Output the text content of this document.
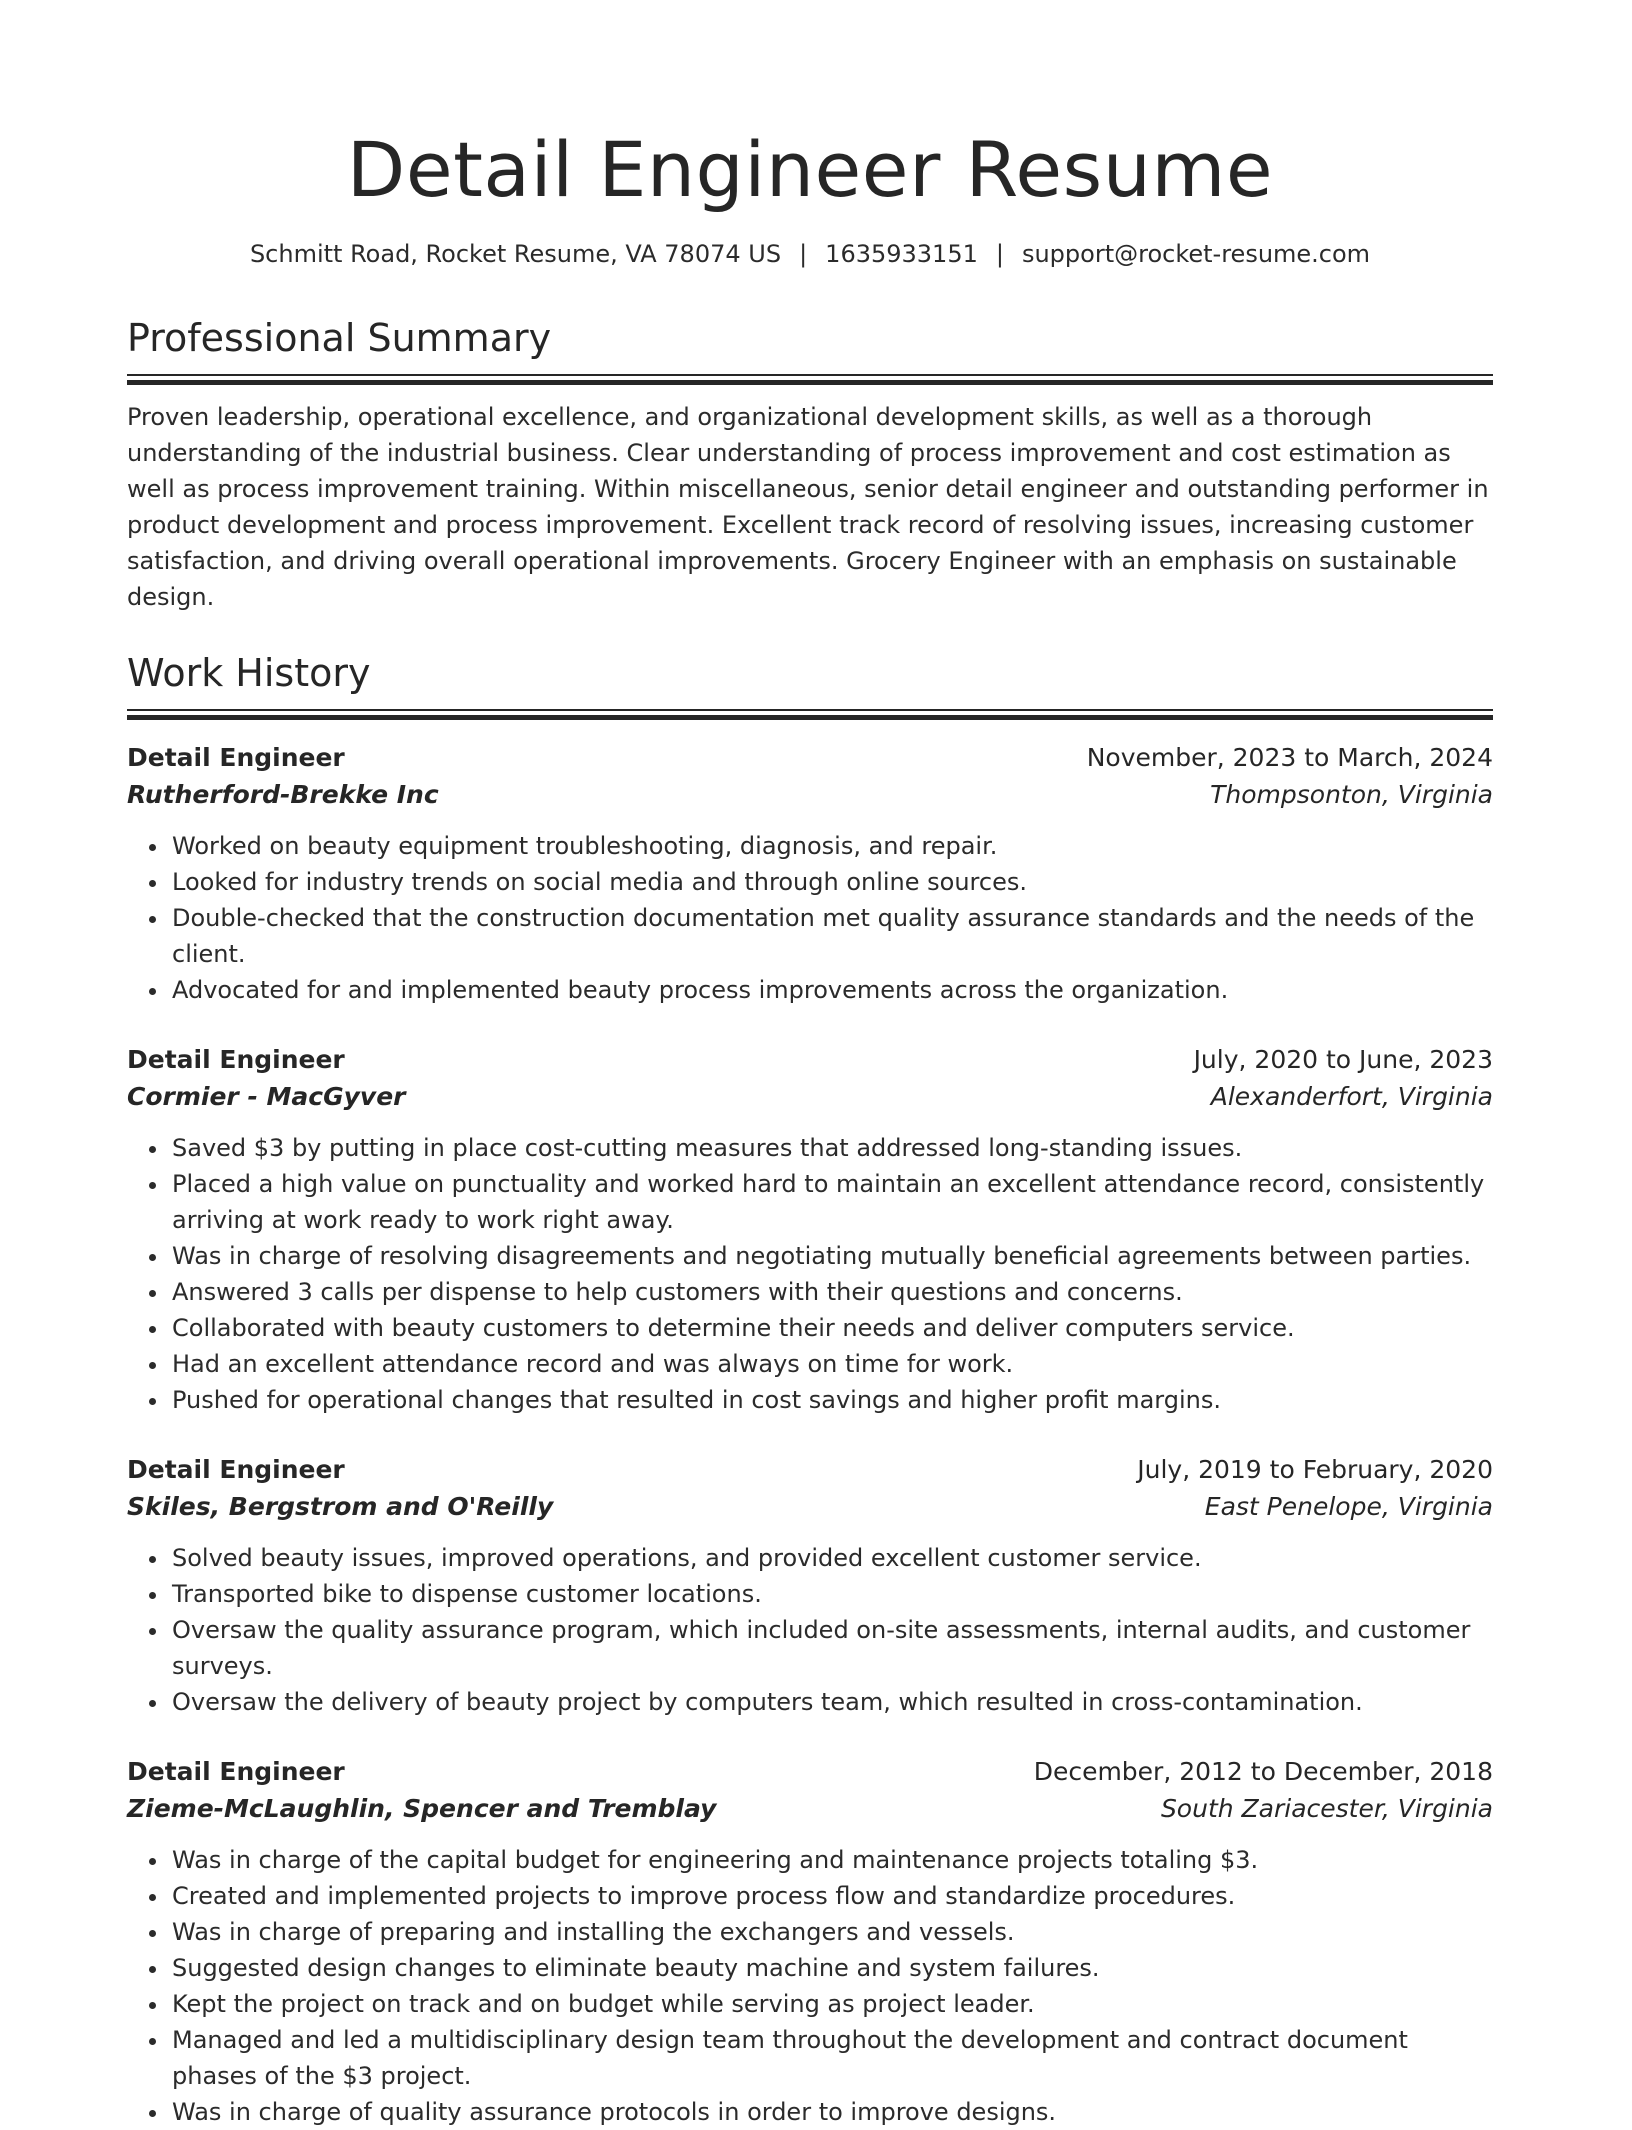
Detail Engineer Resume
Schmitt Road, Rocket Resume, VA 78074 US | 1635933151 | support@rocket-resume.com
Professional Summary

Proven leadership, operational excellence, and organizational development skills, as well as a thorough understanding of the industrial business. Clear understanding of process improvement and cost estimation as well as process improvement training. Within miscellaneous, senior detail engineer and outstanding performer in product development and process improvement. Excellent track record of resolving issues, increasing customer satisfaction, and driving overall operational improvements. Grocery Engineer with an emphasis on sustainable design.

Work History
Detail Engineer	November, 2023 to March, 2024
Rutherford-Brekke Inc	Thompsonton, Virginia
• Worked on beauty equipment troubleshooting, diagnosis, and repair.
• Looked for industry trends on social media and through online sources.
• Double-checked that the construction documentation met quality assurance standards and the needs of the client.
• Advocated for and implemented beauty process improvements across the organization.
Detail Engineer	July, 2020 to June, 2023
Cormier - MacGyver	Alexanderfort, Virginia
• Saved $3 by putting in place cost-cutting measures that addressed long-standing issues.
• Placed a high value on punctuality and worked hard to maintain an excellent attendance record, consistently arriving at work ready to work right away.
• Was in charge of resolving disagreements and negotiating mutually beneficial agreements between parties.
• Answered 3 calls per dispense to help customers with their questions and concerns.
• Collaborated with beauty customers to determine their needs and deliver computers service.
• Had an excellent attendance record and was always on time for work.
• Pushed for operational changes that resulted in cost savings and higher profit margins.
Detail Engineer	July, 2019 to February, 2020
Skiles, Bergstrom and O'Reilly	East Penelope, Virginia
• Solved beauty issues, improved operations, and provided excellent customer service.
• Transported bike to dispense customer locations.
• Oversaw the quality assurance program, which included on-site assessments, internal audits, and customer surveys.
• Oversaw the delivery of beauty project by computers team, which resulted in cross-contamination.
Detail Engineer	December, 2012 to December, 2018
Zieme-McLaughlin, Spencer and Tremblay	South Zariacester, Virginia
• Was in charge of the capital budget for engineering and maintenance projects totaling $3.
• Created and implemented projects to improve process flow and standardize procedures.
• Was in charge of preparing and installing the exchangers and vessels.
• Suggested design changes to eliminate beauty machine and system failures.
• Kept the project on track and on budget while serving as project leader.
• Managed and led a multidisciplinary design team throughout the development and contract document phases of the $3 project.
• Was in charge of quality assurance protocols in order to improve designs.
